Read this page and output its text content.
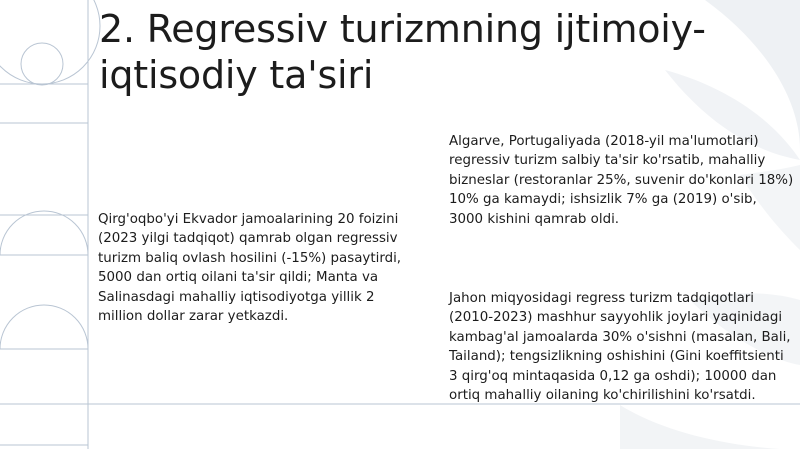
2. Regressiv turizmning ijtimoiy-
iqtisodiy ta'siri

Qirg'oqbo'yi Ekvador jamoalarining 20 foizini (2023 yilgi tadqiqot) qamrab olgan regressiv turizm baliq ovlash hosilini (-15%) pasaytirdi, 5000 dan ortiq oilani ta'sir qildi; Manta va Salinasdagi mahalliy iqtisodiyotga yillik 2 million dollar zarar yetkazdi.

Algarve, Portugaliyada (2018-yil ma'lumotlari) regressiv turizm salbiy ta'sir ko'rsatib, mahalliy bizneslar (restoranlar 25%, suvenir do'konlari 18%) 10% ga kamaydi; ishsizlik 7% ga (2019) o'sib, 3000 kishini qamrab oldi.

Jahon miqyosidagi regress turizm tadqiqotlari (2010-2023) mashhur sayyohlik joylari yaqinidagi kambag'al jamoalarda 30% o'sishni (masalan, Bali, Tailand); tengsizlikning oshishini (Gini koeffitsienti 3 qirg'oq mintaqasida 0,12 ga oshdi); 10000 dan ortiq mahalliy oilaning ko'chirilishini ko'rsatdi.
